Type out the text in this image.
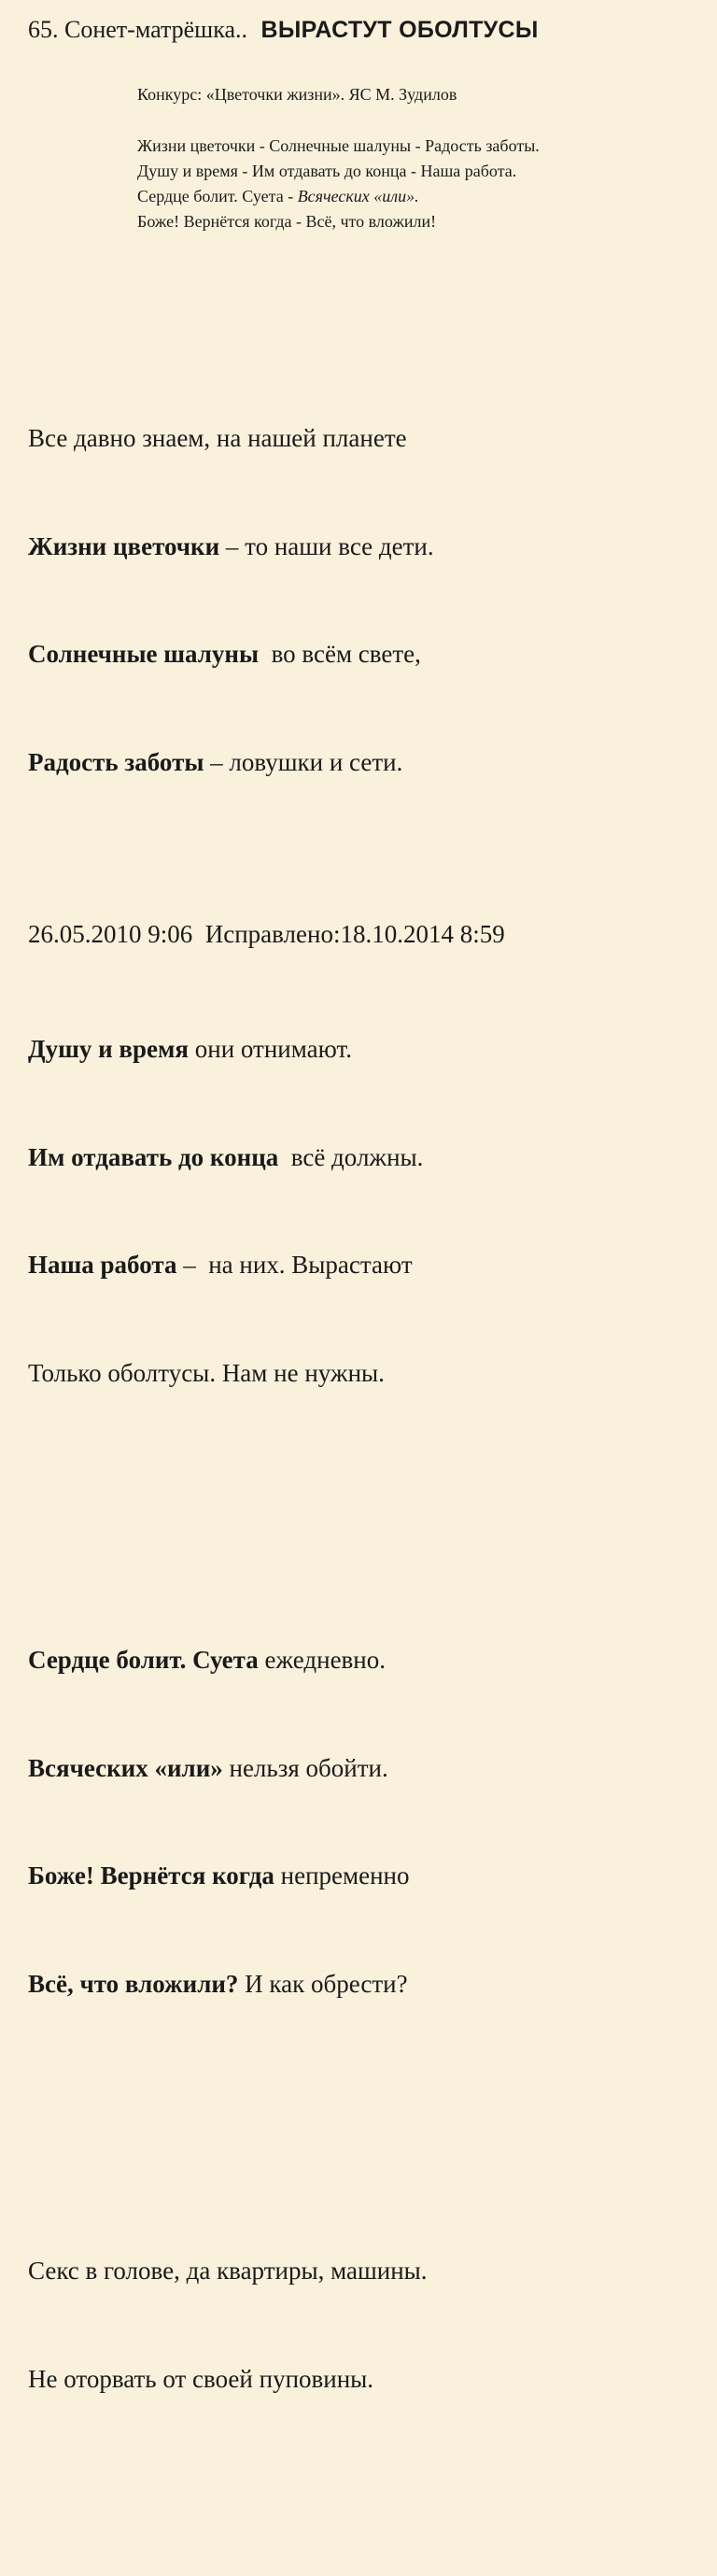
65. Сонет-матрёшка.. ВЫРАСТУТ ОБОЛТУСЫ
Конкурс: «Цветочки жизни». ЯС М. Зудилов
Жизни цветочки - Солнечные шалуны - Радость заботы.
Душу и время - Им отдавать до конца - Наша работа.
Сердце болит. Суета - Всяческих «или».
Боже! Вернётся когда - Всё, что вложили!

Все давно знаем, на нашей планете

Жизни цветочки – то наши все дети.

Солнечные шалуны  во всём свете,

Радость заботы – ловушки и сети.

Душу и время они отнимают.

Им отдавать до конца  всё должны.

Наша работа –  на них. Вырастают

Только оболтусы. Нам не нужны.

Сердце болит. Суета ежедневно.

Всяческих «или» нельзя обойти.

Боже! Вернётся когда непременно

Всё, что вложили? И как обрести?

Секс в голове, да квартиры, машины.

Не оторвать от своей пуповины.

26.05.2010 9:06  Исправлено:18.10.2014 8:59
